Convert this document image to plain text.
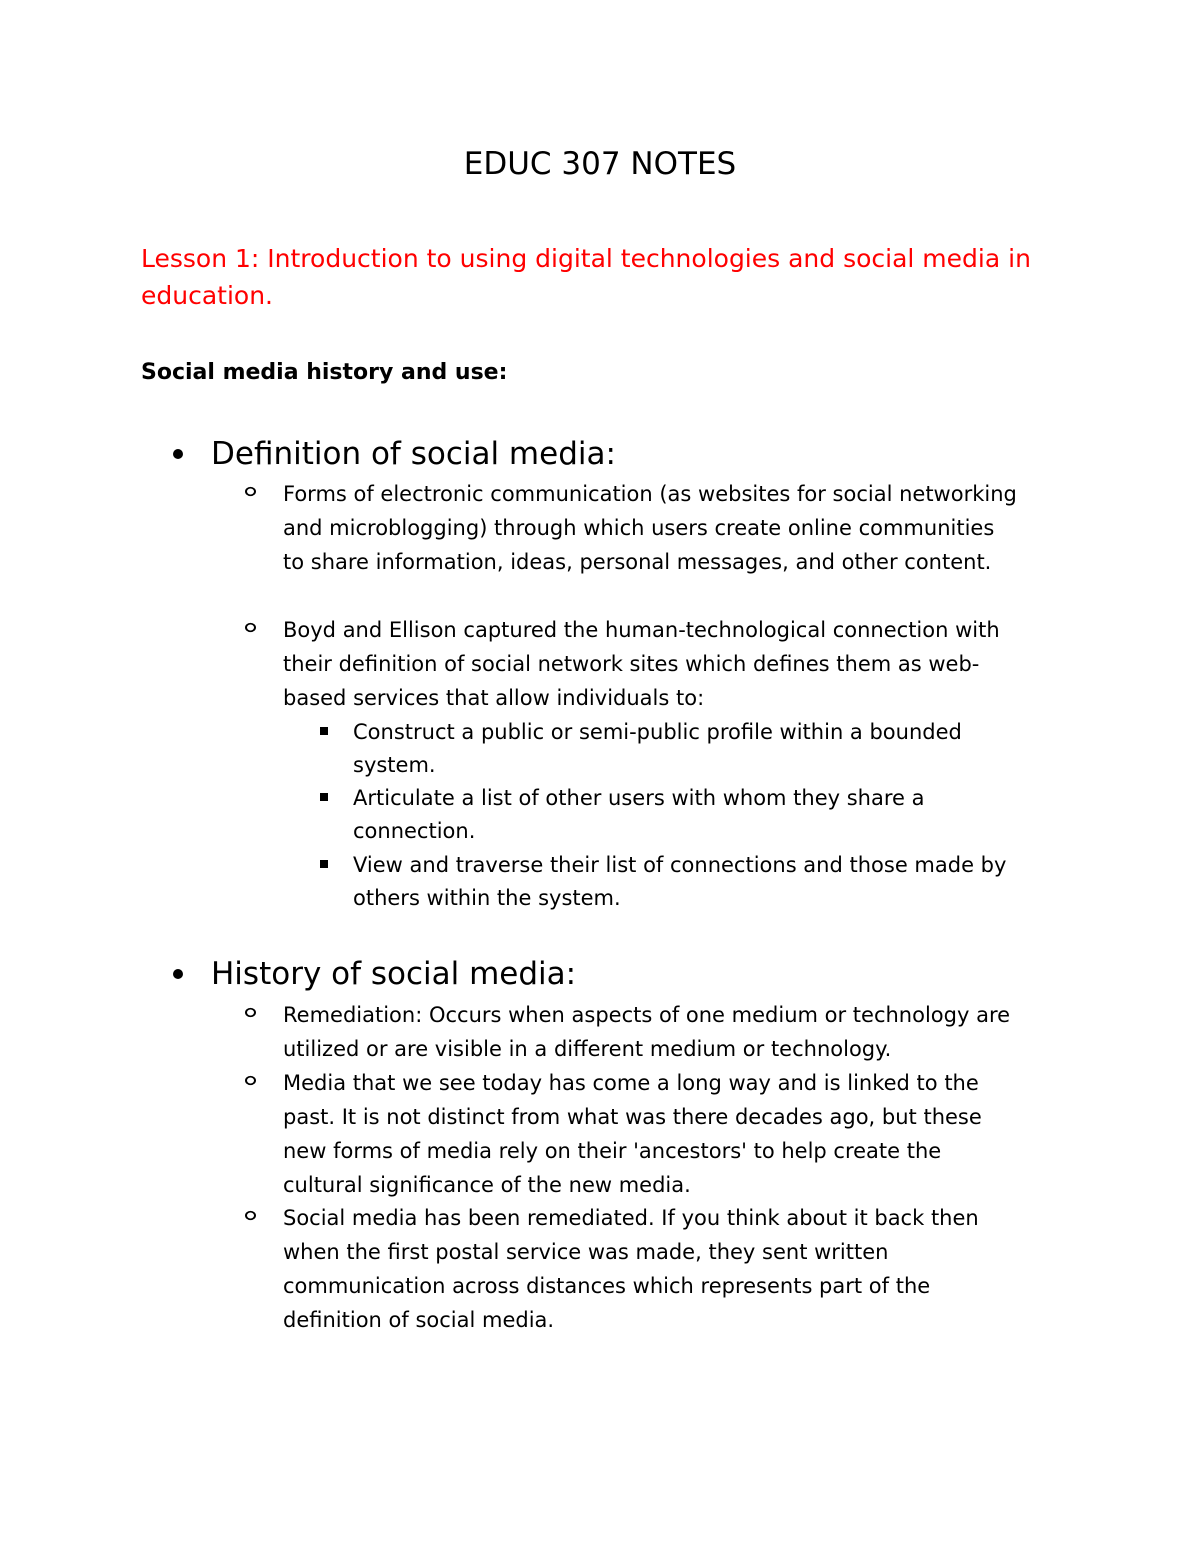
EDUC 307 NOTES
Lesson 1: Introduction to using digital technologies and social media in education.
Social media history and use:
Definition of social media:
Forms of electronic communication (as websites for social networking
and microblogging) through which users create online communities
to share information, ideas, personal messages, and other content.
Boyd and Ellison captured the human-technological connection with
their definition of social network sites which defines them as web-
based services that allow individuals to:
Construct a public or semi-public profile within a bounded
system.
Articulate a list of other users with whom they share a
connection.
View and traverse their list of connections and those made by
others within the system.
History of social media:
Remediation: Occurs when aspects of one medium or technology are
utilized or are visible in a different medium or technology.
Media that we see today has come a long way and is linked to the
past. It is not distinct from what was there decades ago, but these
new forms of media rely on their 'ancestors' to help create the
cultural significance of the new media.
Social media has been remediated. If you think about it back then
when the first postal service was made, they sent written
communication across distances which represents part of the
definition of social media.
